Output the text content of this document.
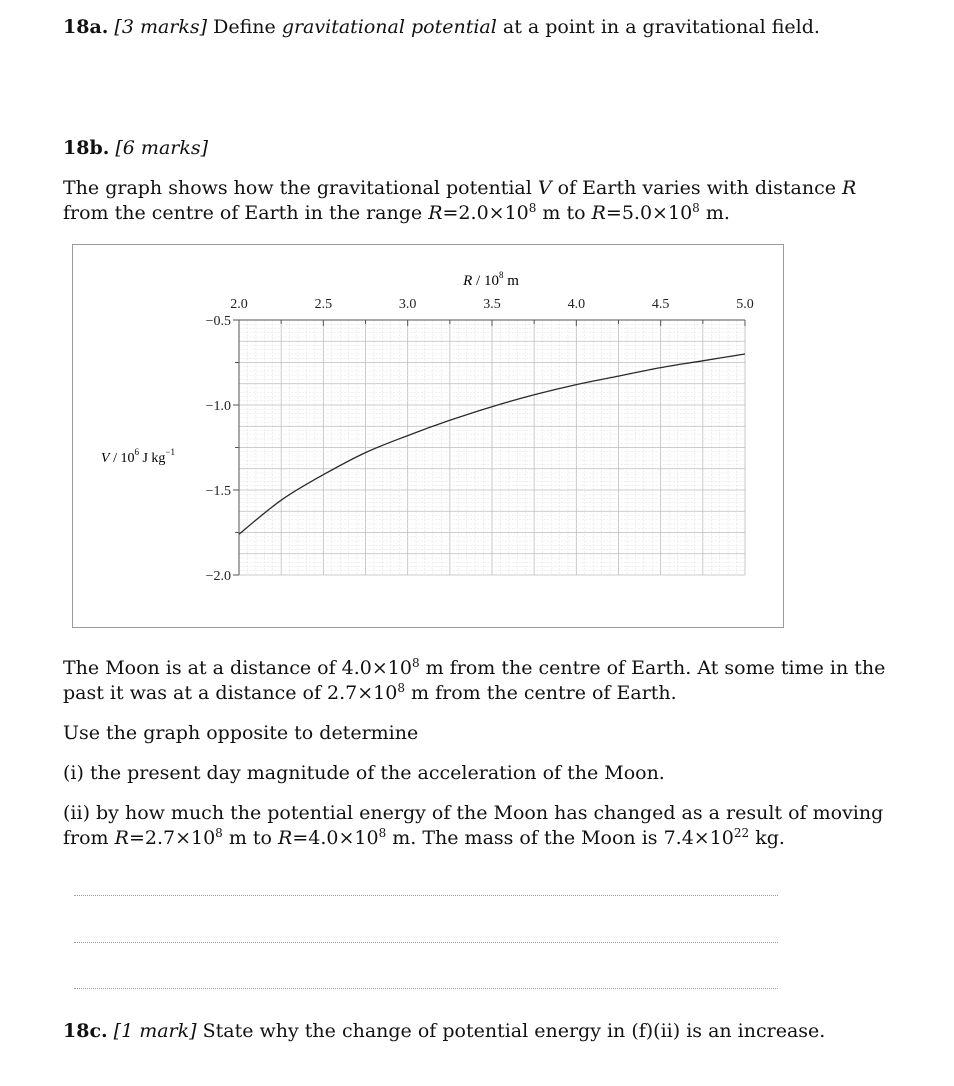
18a. [3 marks] Define gravitational potential at a point in a gravitational field.
18b. [6 marks]
The graph shows how the gravitational potential V of Earth varies with distance R from the centre of Earth in the range $R=2.0\times 10^8$ m to $R=5.0\times 10^8$ m.
2.0	2.5	3.0	3.5	4.0	4.5	5.0
−0.5
−1.0
−1.5
−2.0
R / $10^8$ m
V / $10^6$ J $kg^{-1}$
The Moon is at a distance of $4.0\times 10^8$ m from the centre of Earth. At some time in the past it was at a distance of $2.7\times 10^8$ m from the centre of Earth.
Use the graph opposite to determine
(i) the present day magnitude of the acceleration of the Moon.
(ii) by how much the potential energy of the Moon has changed as a result of moving from $R=2.7\times 10^8$ m to $R=4.0\times 10^8$ m. The mass of the Moon is $7.4\times 10^{22}$ kg.
18c. [1 mark] State why the change of potential energy in (f)(ii) is an increase.
